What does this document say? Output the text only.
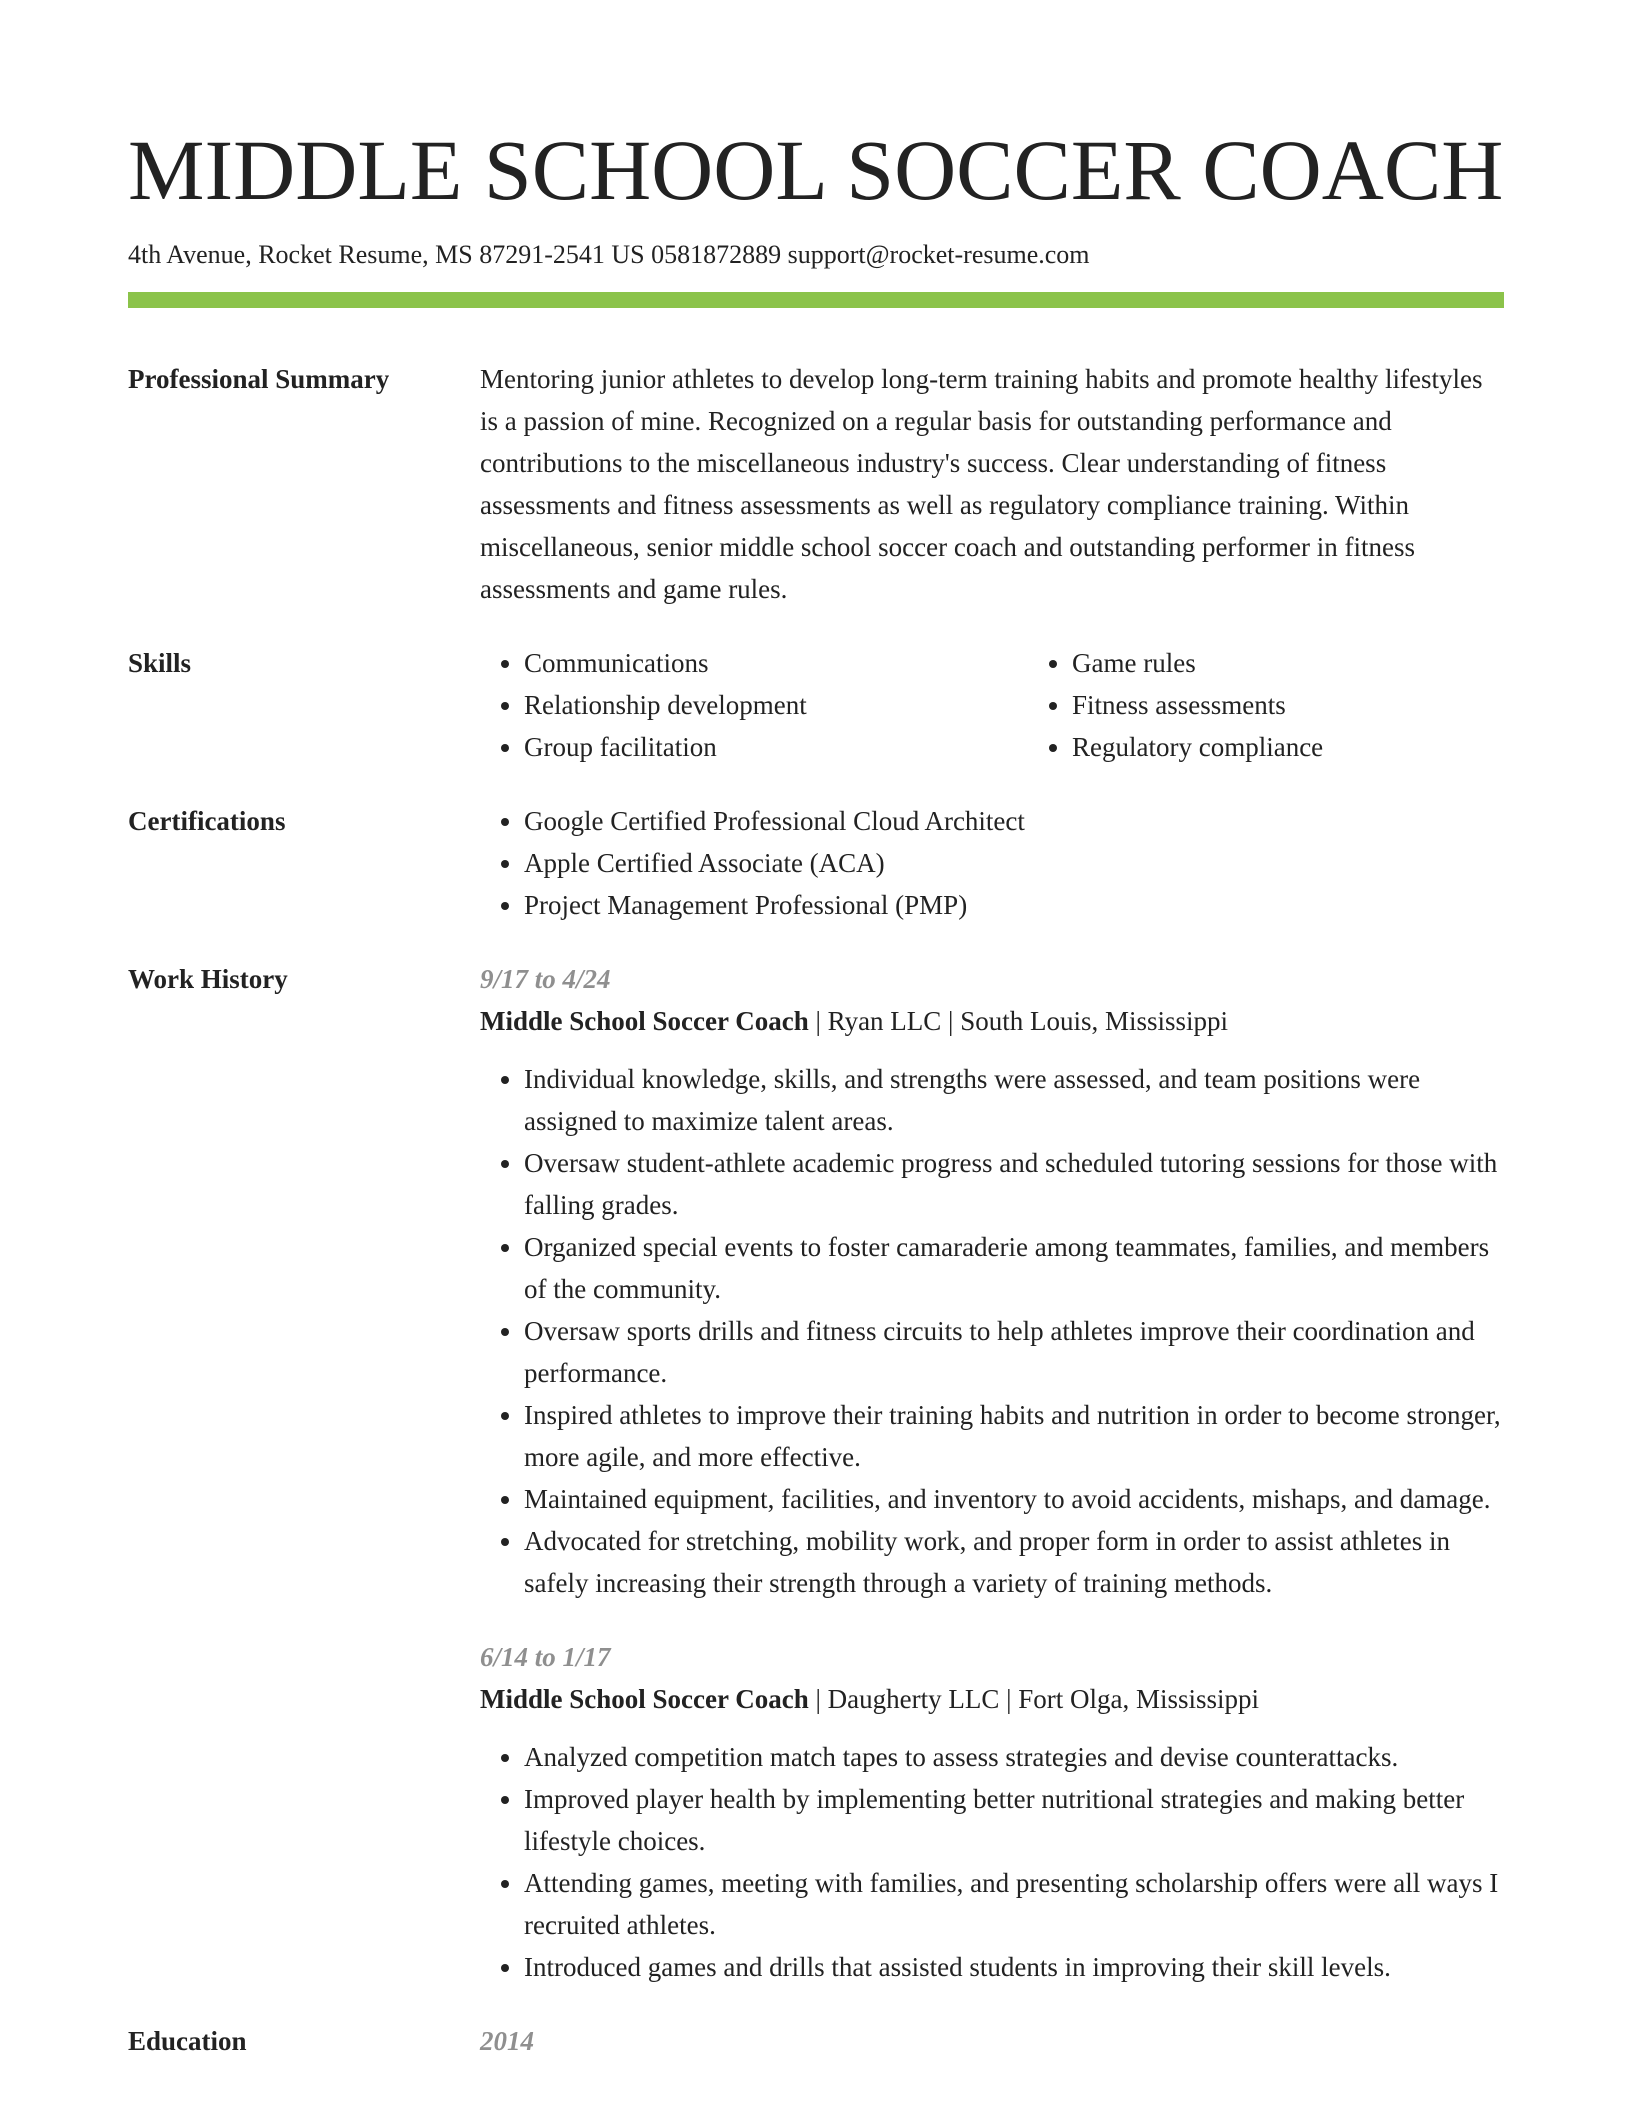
MIDDLE SCHOOL SOCCER COACH
4th Avenue, Rocket Resume, MS 87291-2541 US 0581872889 support@rocket-resume.com
Professional Summary	Mentoring junior athletes to develop long-term training habits and promote healthy lifestyles is a passion of mine. Recognized on a regular basis for outstanding performance and contributions to the miscellaneous industry's success. Clear understanding of fitness assessments and fitness assessments as well as regulatory compliance training. Within miscellaneous, senior middle school soccer coach and outstanding performer in fitness assessments and game rules.

Skills	• Communications
• Relationship development
• Group facilitation
• Game rules
• Fitness assessments
• Regulatory compliance
Certifications	• Google Certified Professional Cloud Architect
• Apple Certified Associate (ACA)
• Project Management Professional (PMP)
Work History	9/17 to 4/24

Middle School Soccer Coach | Ryan LLC | South Louis, Mississippi

• Individual knowledge, skills, and strengths were assessed, and team positions were assigned to maximize talent areas.
• Oversaw student-athlete academic progress and scheduled tutoring sessions for those with falling grades.
• Organized special events to foster camaraderie among teammates, families, and members of the community.
• Oversaw sports drills and fitness circuits to help athletes improve their coordination and performance.
• Inspired athletes to improve their training habits and nutrition in order to become stronger, more agile, and more effective.
• Maintained equipment, facilities, and inventory to avoid accidents, mishaps, and damage.
• Advocated for stretching, mobility work, and proper form in order to assist athletes in safely increasing their strength through a variety of training methods.
6/14 to 1/17

Middle School Soccer Coach | Daugherty LLC | Fort Olga, Mississippi

• Analyzed competition match tapes to assess strategies and devise counterattacks.
• Improved player health by implementing better nutritional strategies and making better lifestyle choices.
• Attending games, meeting with families, and presenting scholarship offers were all ways I recruited athletes.
• Introduced games and drills that assisted students in improving their skill levels.
Education	2014
